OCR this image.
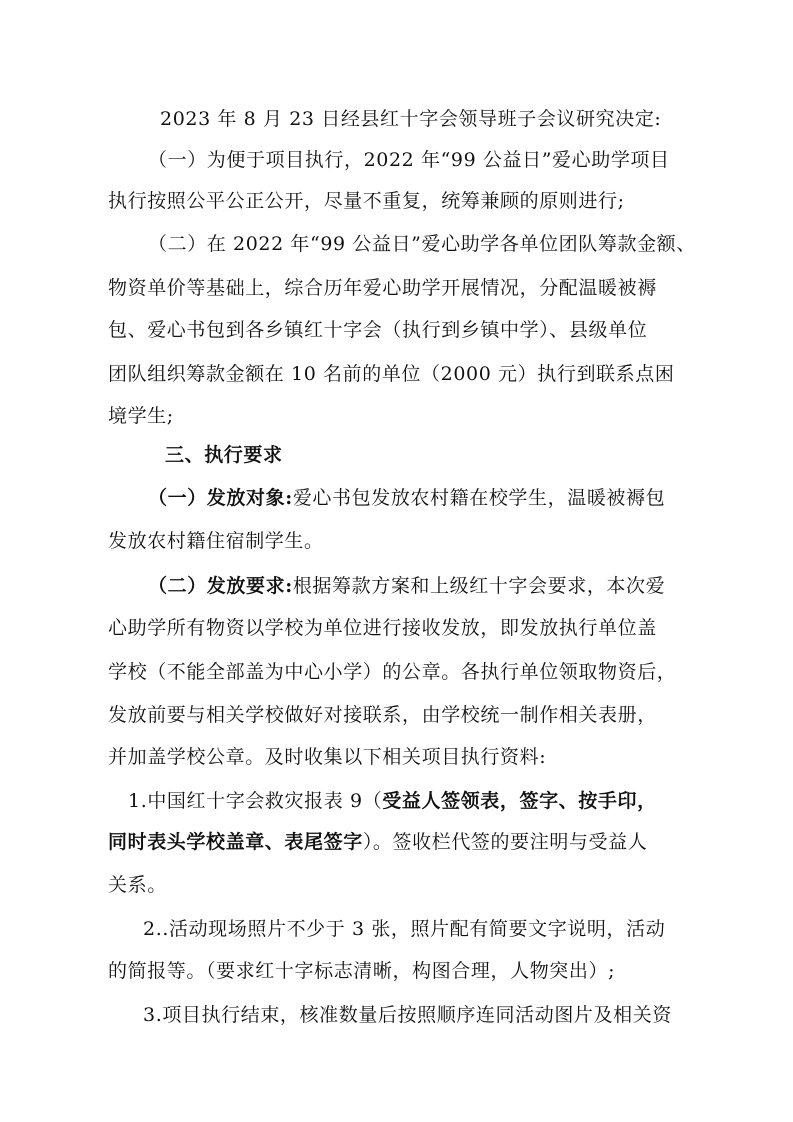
2023 年 8 月 23 日经县红十字会领导班子会议研究决定:
（一）为便于项目执行，2022 年“99 公益日”爱心助学项目
执行按照公平公正公开，尽量不重复，统筹兼顾的原则进行;
（二）在 2022 年“99 公益日”爱心助学各单位团队筹款金额、
物资单价等基础上，综合历年爱心助学开展情况，分配温暖被褥
包、爱心书包到各乡镇红十字会（执行到乡镇中学）、县级单位
团队组织筹款金额在 10 名前的单位（2000 元）执行到联系点困
境学生;
三、执行要求
（一）发放对象:爱心书包发放农村籍在校学生，温暖被褥包
发放农村籍住宿制学生。
（二）发放要求:根据筹款方案和上级红十字会要求，本次爱
心助学所有物资以学校为单位进行接收发放，即发放执行单位盖
学校（不能全部盖为中心小学）的公章。各执行单位领取物资后，
发放前要与相关学校做好对接联系，由学校统一制作相关表册，
并加盖学校公章。及时收集以下相关项目执行资料:
1.中国红十字会救灾报表 9（受益人签领表，签字、按手印，
同时表头学校盖章、表尾签字）。签收栏代签的要注明与受益人
关系。
2..活动现场照片不少于 3 张，照片配有简要文字说明，活动
的简报等。（要求红十字标志清晰，构图合理，人物突出）;
3.项目执行结束，核准数量后按照顺序连同活动图片及相关资
